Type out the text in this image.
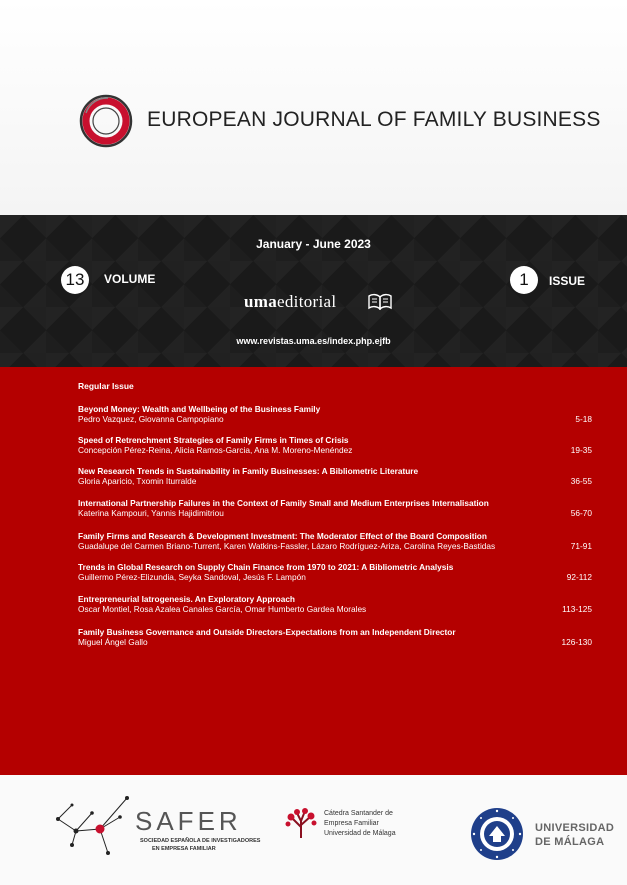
EUROPEAN JOURNAL OF FAMILY BUSINESS
January - June 2023
13	VOLUME	1	ISSUE
umaeditorial
www.revistas.uma.es/index.php.ejfb
Regular Issue
Beyond Money: Wealth and Wellbeing of the Business Family
Pedro Vazquez, Giovanna Campopiano	5-18
Speed of Retrenchment Strategies of Family Firms in Times of Crisis
Concepción Pérez-Reina, Alicia Ramos-Garcia, Ana M. Moreno-Menéndez	19-35
New Research Trends in Sustainability in Family Businesses: A Bibliometric Literature
Gloria Aparicio, Txomin Iturralde	36-55
International Partnership Failures in the Context of Family Small and Medium Enterprises Internalisation
Katerina Kampouri, Yannis Hajidimitriou	56-70
Family Firms and Research & Development Investment: The Moderator Effect of the Board Composition
Guadalupe del Carmen Briano-Turrent, Karen Watkins-Fassler, Lázaro Rodríguez-Ariza, Carolina Reyes-Bastidas	71-91
Trends in Global Research on Supply Chain Finance from 1970 to 2021: A Bibliometric Analysis
Guillermo Pérez-Elizundia, Seyka Sandoval, Jesús F. Lampón	92-112
Entrepreneurial Iatrogenesis. An Exploratory Approach
Oscar Montiel, Rosa Azalea Canales García, Omar Humberto Gardea Morales	113-125
Family Business Governance and Outside Directors-Expectations from an Independent Director
Miguel Ángel Gallo	126-130
SAFER
SOCIEDAD ESPAÑOLA DE INVESTIGADORES
EN EMPRESA FAMILIAR
Cátedra Santander de
Empresa Familiar
Universidad de Málaga	UNIVERSIDAD
DE MÁLAGA
